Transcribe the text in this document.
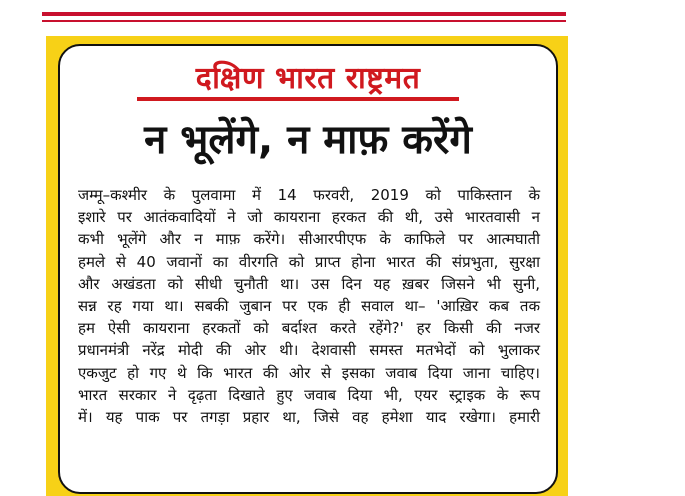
दक्षिण भारत राष्ट्रमत
न भूलेंगे, न माफ़ करेंगे

जम्मू–कश्मीर के पुलवामा में 14 फरवरी, 2019 को पाकिस्तान के
इशारे पर आतंकवादियों ने जो कायराना हरकत की थी, उसे भारतवासी न
कभी भूलेंगे और न माफ़ करेंगे। सीआरपीएफ के काफिले पर आत्मघाती
हमले से 40 जवानों का वीरगति को प्राप्त होना भारत की संप्रभुता, सुरक्षा
और अखंडता को सीधी चुनौती था। उस दिन यह ख़बर जिसने भी सुनी,
सन्न रह गया था। सबकी जुबान पर एक ही सवाल था– 'आख़िर कब तक
हम ऐसी कायराना हरकतों को बर्दाश्त करते रहेंगे?' हर किसी की नजर
प्रधानमंत्री नरेंद्र मोदी की ओर थी। देशवासी समस्त मतभेदों को भुलाकर
एकजुट हो गए थे कि भारत की ओर से इसका जवाब दिया जाना चाहिए।
भारत सरकार ने दृढ़ता दिखाते हुए जवाब दिया भी, एयर स्ट्राइक के रूप
में। यह पाक पर तगड़ा प्रहार था, जिसे वह हमेशा याद रखेगा। हमारी
